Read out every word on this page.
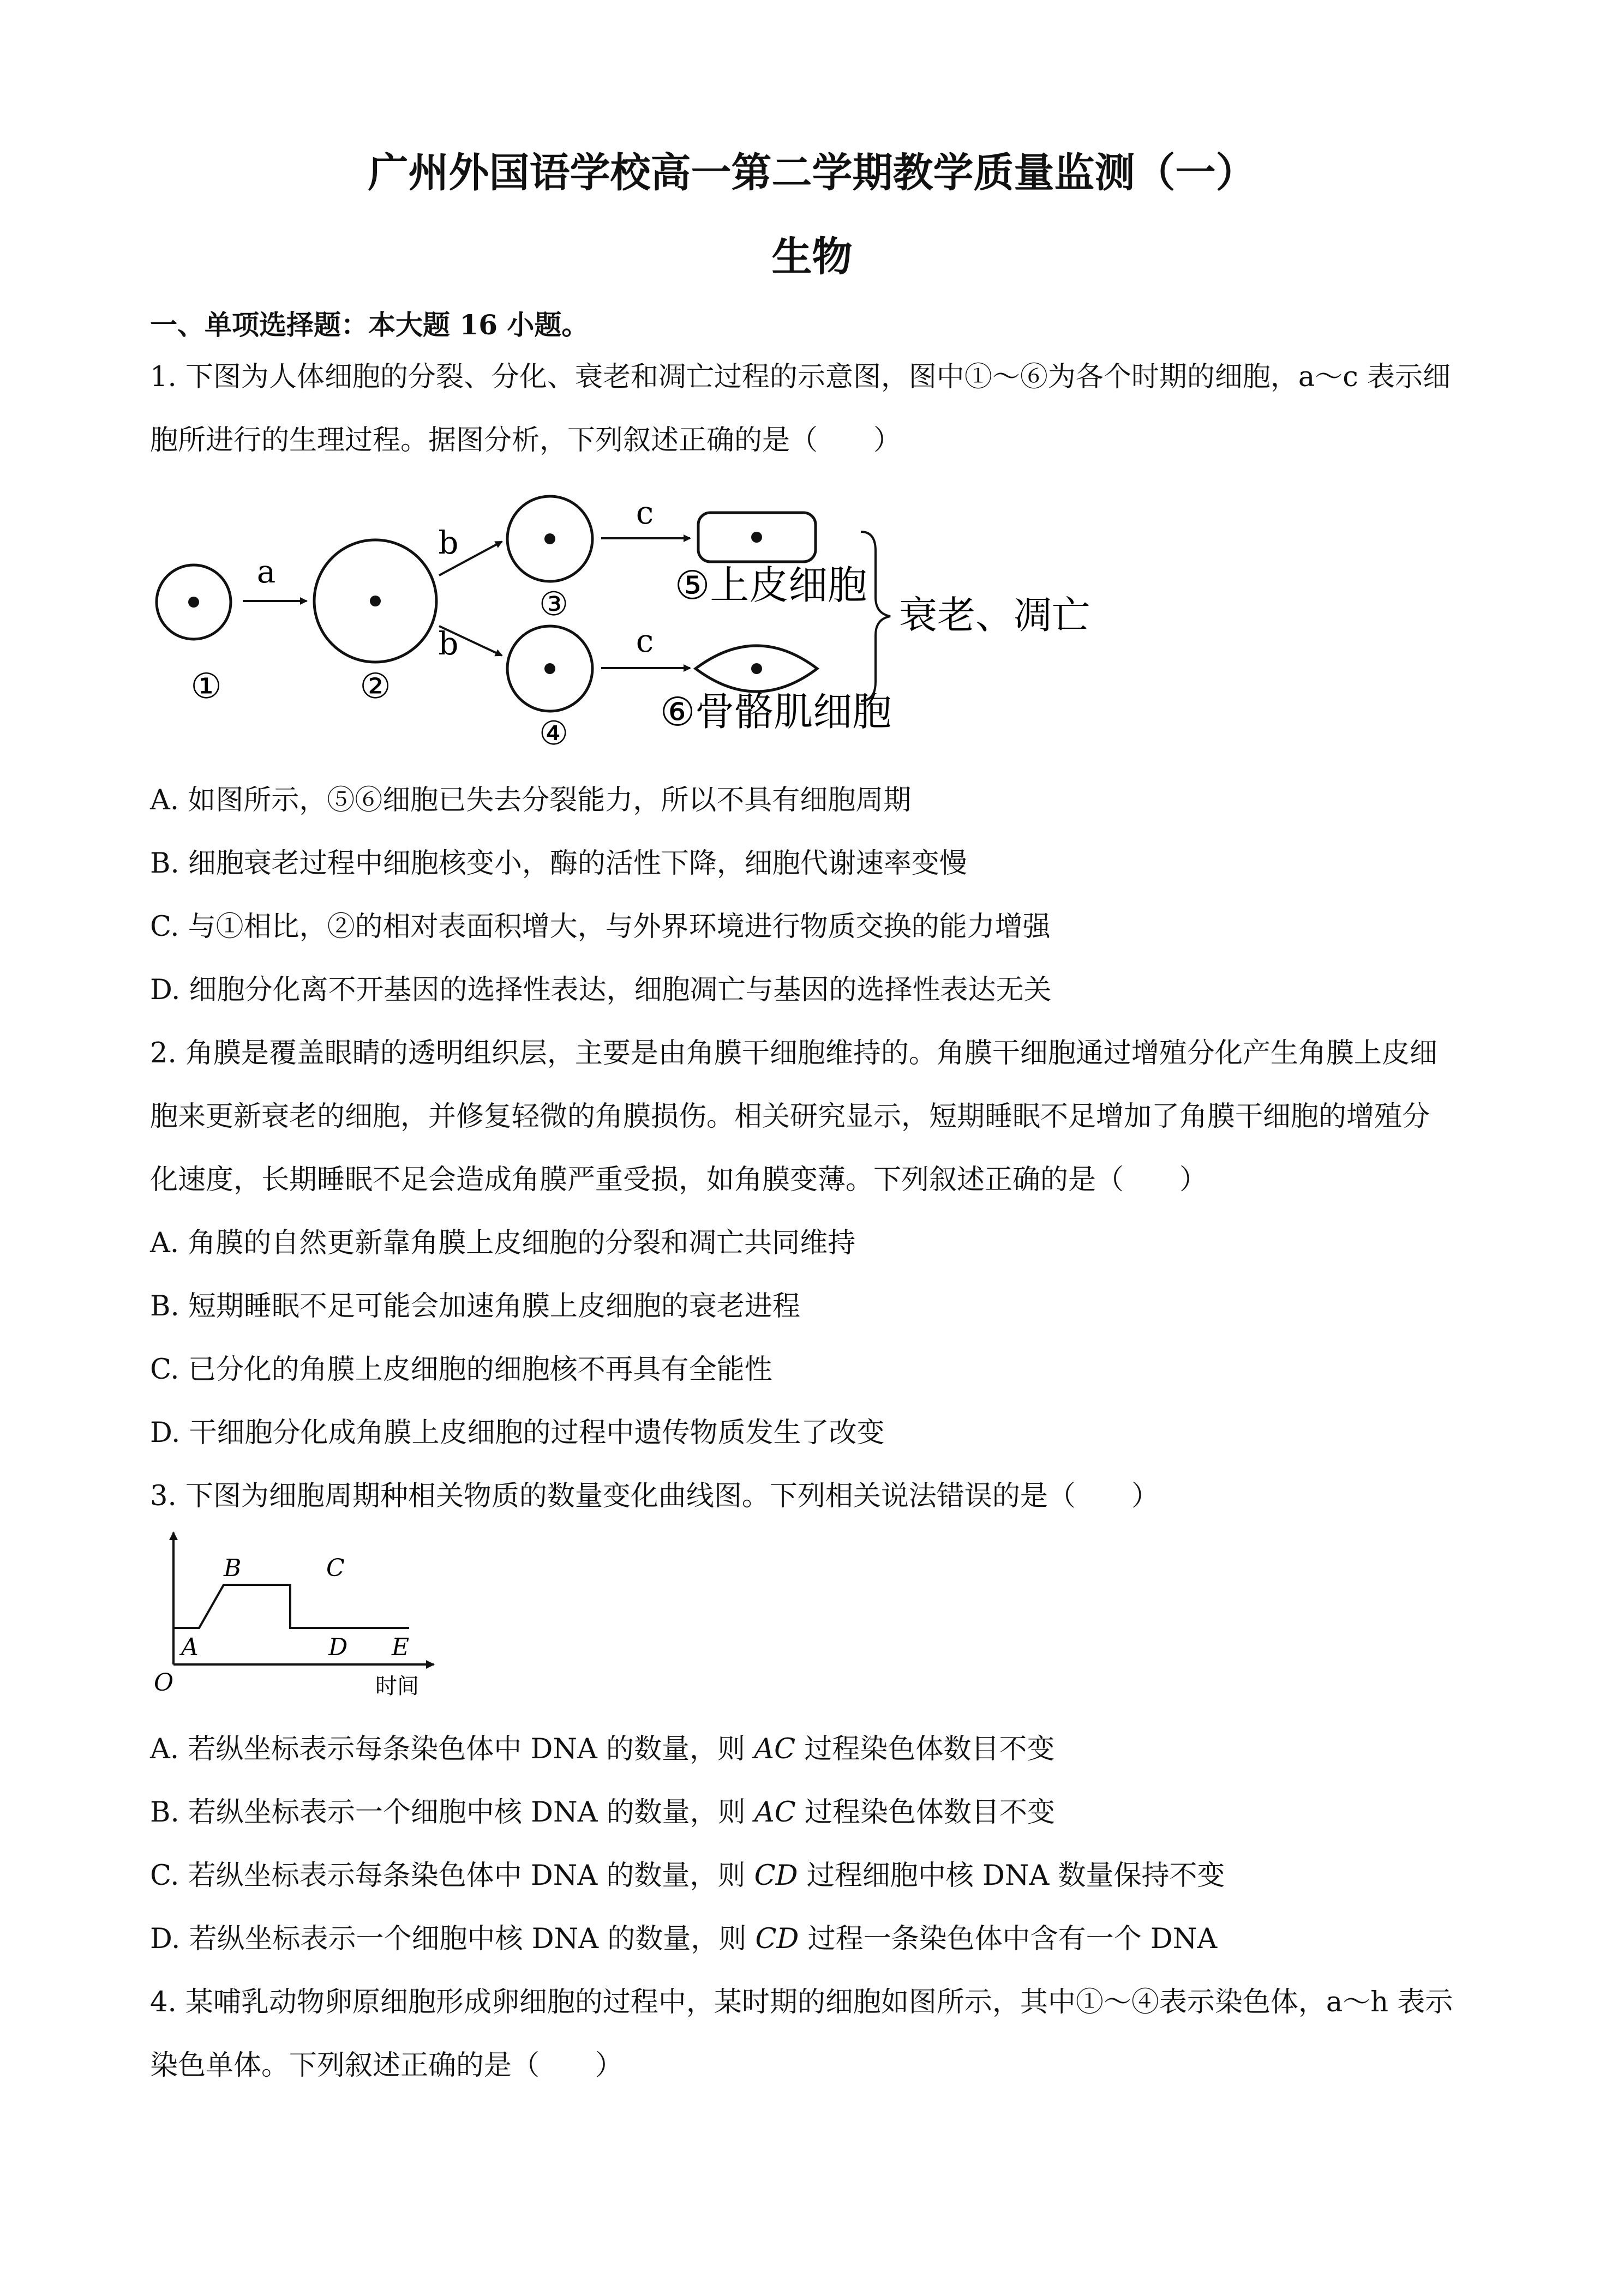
广州外国语学校高一第二学期教学质量监测（一）
生物
一、单项选择题：本大题 16 小题。
1. 下图为人体细胞的分裂、分化、衰老和凋亡过程的示意图，图中①～⑥为各个时期的细胞，a～c 表示细
胞所进行的生理过程。据图分析，下列叙述正确的是（　　）
a
①	②
b
b
③
④
c
c
⑤上皮细胞
⑥骨骼肌细胞
衰老、凋亡
A. 如图所示，⑤⑥细胞已失去分裂能力，所以不具有细胞周期
B. 细胞衰老过程中细胞核变小，酶的活性下降，细胞代谢速率变慢
C. 与①相比，②的相对表面积增大，与外界环境进行物质交换的能力增强
D. 细胞分化离不开基因的选择性表达，细胞凋亡与基因的选择性表达无关
2. 角膜是覆盖眼睛的透明组织层，主要是由角膜干细胞维持的。角膜干细胞通过增殖分化产生角膜上皮细
胞来更新衰老的细胞，并修复轻微的角膜损伤。相关研究显示，短期睡眠不足增加了角膜干细胞的增殖分
化速度，长期睡眠不足会造成角膜严重受损，如角膜变薄。下列叙述正确的是（　　）
A. 角膜的自然更新靠角膜上皮细胞的分裂和凋亡共同维持
B. 短期睡眠不足可能会加速角膜上皮细胞的衰老进程
C. 已分化的角膜上皮细胞的细胞核不再具有全能性
D. 干细胞分化成角膜上皮细胞的过程中遗传物质发生了改变
3. 下图为细胞周期种相关物质的数量变化曲线图。下列相关说法错误的是（　　）
O
A
B	C
D E
时间
A. 若纵坐标表示每条染色体中 DNA 的数量，则 AC 过程染色体数目不变
B. 若纵坐标表示一个细胞中核 DNA 的数量，则 AC 过程染色体数目不变
C. 若纵坐标表示每条染色体中 DNA 的数量，则 CD 过程细胞中核 DNA 数量保持不变
D. 若纵坐标表示一个细胞中核 DNA 的数量，则 CD 过程一条染色体中含有一个 DNA
4. 某哺乳动物卵原细胞形成卵细胞的过程中，某时期的细胞如图所示，其中①～④表示染色体，a～h 表示
染色单体。下列叙述正确的是（　　）
